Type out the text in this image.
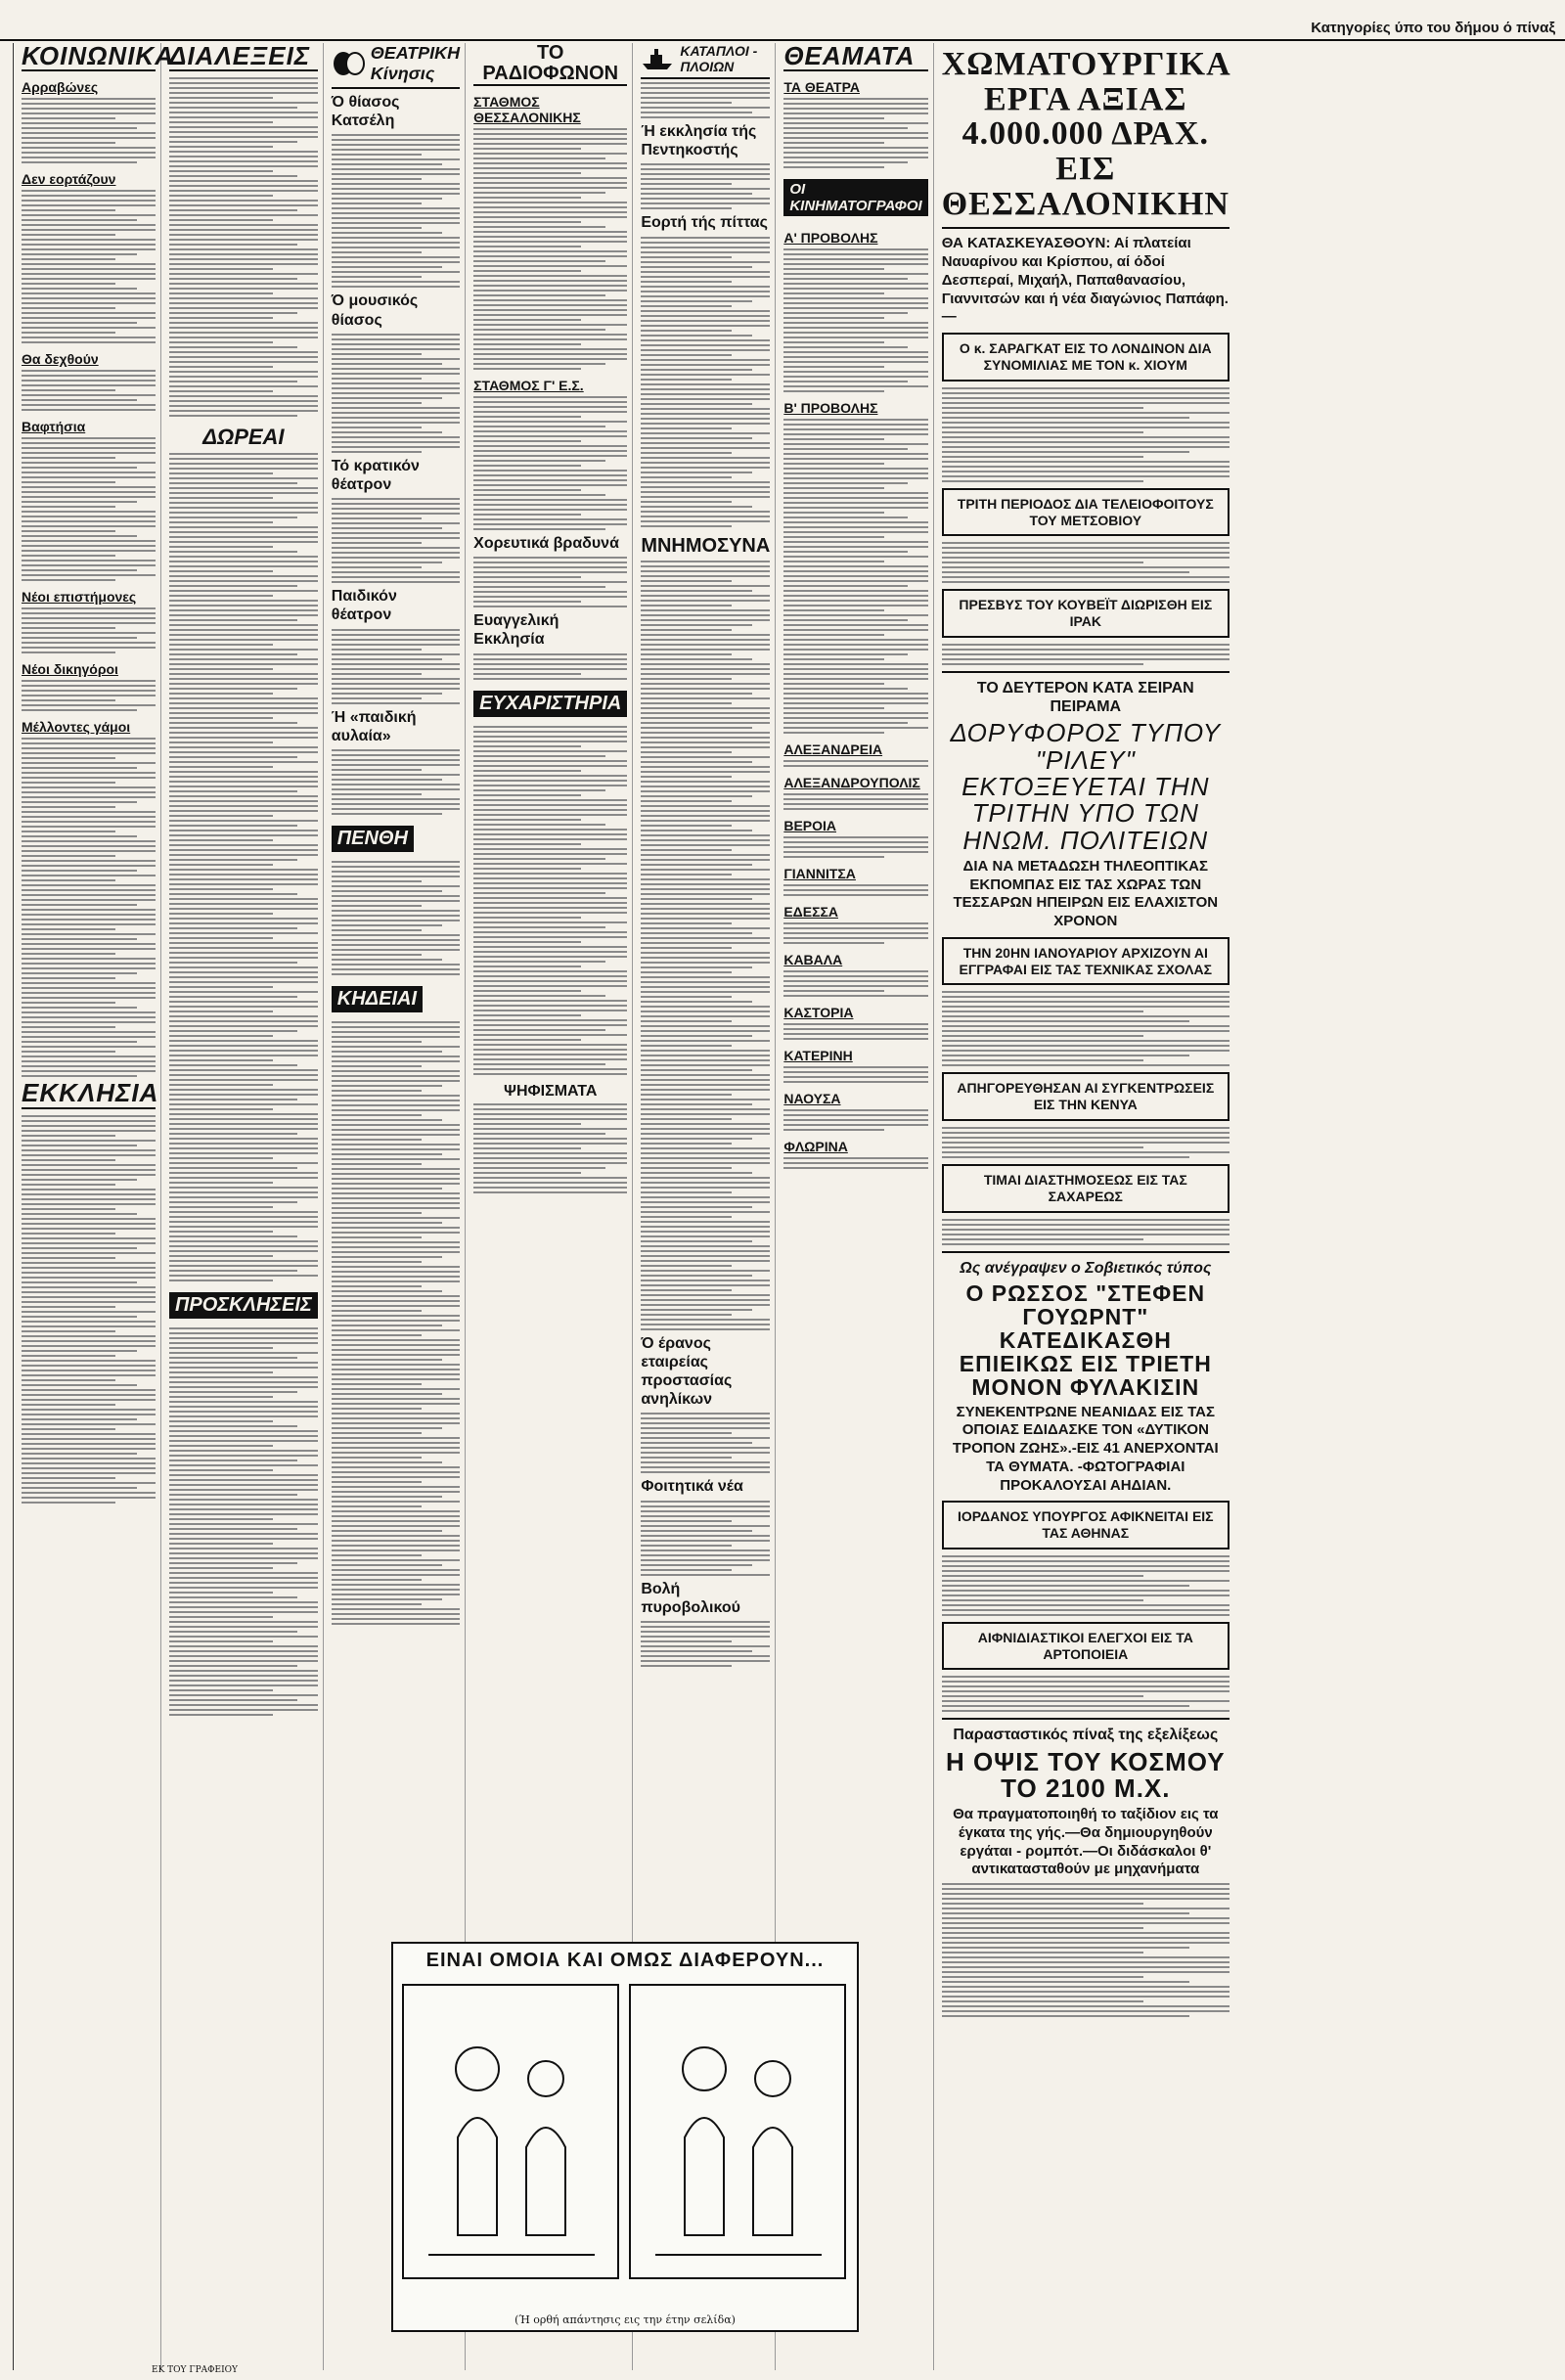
Κατηγορίες ύπο του δήμου ό πίναξ
ΚΟΙΝΩΝΙΚΑ
Αρραβώνες
Δεν εορτάζουν
Θα δεχθούν
Βαφτήσια
Νέοι επιστήμονες
Νέοι δικηγόροι
Μέλλοντες γάμοι
ΕΚΚΛΗΣΙΑ
ΔΙΑΛΕΞΕΙΣ
ΔΩΡΕΑΙ
ΠΡΟΣΚΛΗΣΕΙΣ
ΘΕΑΤΡΙΚΗ Κίνησις
Ό θίασος Κατσέλη
Ό μουσικός θίασος
Τό κρατικόν θέατρον
Παιδικόν θέατρον
Ή «παιδική αυλαία»
ΠΕΝΘΗ
ΚΗΔΕΙΑΙ
ΤΟ ΡΑΔΙΟΦΩΝΟΝ
ΣΤΑΘΜΟΣ ΘΕΣΣΑΛΟΝΙΚΗΣ
ΣΤΑΘΜΟΣ Γ' Ε.Σ.
Χορευτικά βραδυνά
Ευαγγελική Εκκλησία
ΕΥΧΑΡΙΣΤΗΡΙΑ
ΨΗΦΙΣΜΑΤΑ
ΚΑΤΑΠΛΟΙ - ΠΛΟΙΩΝ
Ή εκκλησία τής Πεντηκοστής
Εορτή τής πίττας
ΜΝΗΜΟΣΥΝΑ
Ό έρανος εταιρείας προστασίας ανηλίκων
Φοιτητικά νέα
Βολή πυροβολικού
ΘΕΑΜΑΤΑ
ΤΑ ΘΕΑΤΡΑ
ΟΙ ΚΙΝΗΜΑΤΟΓΡΑΦΟΙ
Α' ΠΡΟΒΟΛΗΣ
Β' ΠΡΟΒΟΛΗΣ
ΑΛΕΞΑΝΔΡΕΙΑ
ΑΛΕΞΑΝΔΡΟΥΠΟΛΙΣ
ΒΕΡΟΙΑ
ΓΙΑΝΝΙΤΣΑ
ΕΔΕΣΣΑ
ΚΑΒΑΛΑ
ΚΑΣΤΟΡΙΑ
ΚΑΤΕΡΙΝΗ
ΝΑΟΥΣΑ
ΦΛΩΡΙΝΑ

ΧΩΜΑΤΟΥΡΓΙΚΑ ΕΡΓΑ ΑΞΙΑΣ 4.000.000 ΔΡΑΧ. ΕΙΣ ΘΕΣΣΑΛΟΝΙΚΗΝ

ΘΑ ΚΑΤΑΣΚΕΥΑΣΘΟΥΝ: Αί πλατείαι Ναυαρίνου και Κρίσπου, αί όδοί Δεσπεραί, Μιχαήλ, Παπαθανασίου, Γιαννιτσών και ή νέα διαγώνιος Παπάφη.—

Ο κ. ΣΑΡΑΓΚΑΤ ΕΙΣ ΤΟ ΛΟΝΔΙΝΟΝ ΔΙΑ ΣΥΝΟΜΙΛΙΑΣ ΜΕ ΤΟΝ κ. ΧΙΟΥΜ

ΤΡΙΤΗ ΠΕΡΙΟΔΟΣ ΔΙΑ ΤΕΛΕΙΟΦΟΙΤΟΥΣ ΤΟΥ ΜΕΤΣΟΒΙΟΥ

ΠΡΕΣΒΥΣ ΤΟΥ ΚΟΥΒΕΪΤ ΔΙΩΡΙΣΘΗ ΕΙΣ ΙΡΑΚ

ΤΟ ΔΕΥΤΕΡΟΝ ΚΑΤΑ ΣΕΙΡΑΝ ΠΕΙΡΑΜΑ

ΔΟΡΥΦΟΡΟΣ ΤΥΠΟΥ "ΡΙΛΕΥ" ΕΚΤΟΞΕΥΕΤΑΙ ΤΗΝ ΤΡΙΤΗΝ ΥΠΟ ΤΩΝ ΗΝΩΜ. ΠΟΛΙΤΕΙΩΝ

ΔΙΑ ΝΑ ΜΕΤΑΔΩΣΗ ΤΗΛΕΟΠΤΙΚΑΣ ΕΚΠΟΜΠΑΣ ΕΙΣ ΤΑΣ ΧΩΡΑΣ ΤΩΝ ΤΕΣΣΑΡΩΝ ΗΠΕΙΡΩΝ ΕΙΣ ΕΛΑΧΙΣΤΟΝ ΧΡΟΝΟΝ

ΤΗΝ 20ΗΝ ΙΑΝΟΥΑΡΙΟΥ ΑΡΧΙΖΟΥΝ ΑΙ ΕΓΓΡΑΦΑΙ ΕΙΣ ΤΑΣ ΤΕΧΝΙΚΑΣ ΣΧΟΛΑΣ

ΑΠΗΓΟΡΕΥΘΗΣΑΝ ΑΙ ΣΥΓΚΕΝΤΡΩΣΕΙΣ ΕΙΣ ΤΗΝ ΚΕΝΥΑ

ΤΙΜΑΙ ΔΙΑΣΤΗΜΟΣΕΩΣ ΕΙΣ ΤΑΣ ΣΑΧΑΡΕΩΣ

Ως ανέγραψεν ο Σοβιετικός τύπος

Ο ΡΩΣΣΟΣ "ΣΤΕΦΕΝ ΓΟΥΩΡΝΤ" ΚΑΤΕΔΙΚΑΣΘΗ ΕΠΙΕΙΚΩΣ ΕΙΣ ΤΡΙΕΤΗ ΜΟΝΟΝ ΦΥΛΑΚΙΣΙΝ

ΣΥΝΕΚΕΝΤΡΩΝΕ ΝΕΑΝΙΔΑΣ ΕΙΣ ΤΑΣ ΟΠΟΙΑΣ ΕΔΙΔΑΣΚΕ ΤΟΝ «ΔΥΤΙΚΟΝ ΤΡΟΠΟΝ ΖΩΗΣ».-ΕΙΣ 41 ΑΝΕΡΧΟΝΤΑΙ ΤΑ ΘΥΜΑΤΑ. -ΦΩΤΟΓΡΑΦΙΑΙ ΠΡΟΚΑΛΟΥΣΑΙ ΑΗΔΙΑΝ.

ΙΟΡΔΑΝΟΣ ΥΠΟΥΡΓΟΣ ΑΦΙΚΝΕΙΤΑΙ ΕΙΣ ΤΑΣ ΑΘΗΝΑΣ

ΑΙΦΝΙΔΙΑΣΤΙΚΟΙ ΕΛΕΓΧΟΙ ΕΙΣ ΤΑ ΑΡΤΟΠΟΙΕΙΑ

Παρασταστικός πίναξ της εξελίξεως

Η ΟΨΙΣ ΤΟΥ ΚΟΣΜΟΥ ΤΟ 2100 Μ.Χ.

Θα πραγματοποιηθή το ταξίδιον εις τα έγκατα της γής.—Θα δημιουργηθούν εργάται - ρομπότ.—Οι διδάσκαλοι θ' αντικατασταθούν με μηχανήματα

ΕΙΝΑΙ ΟΜΟΙΑ ΚΑΙ ΟΜΩΣ ΔΙΑΦΕΡΟΥΝ...
(Ή ορθή απάντησις εις την έτην σελίδα)
ΕΚ ΤΟΥ ΓΡΑΦΕΙΟΥ
